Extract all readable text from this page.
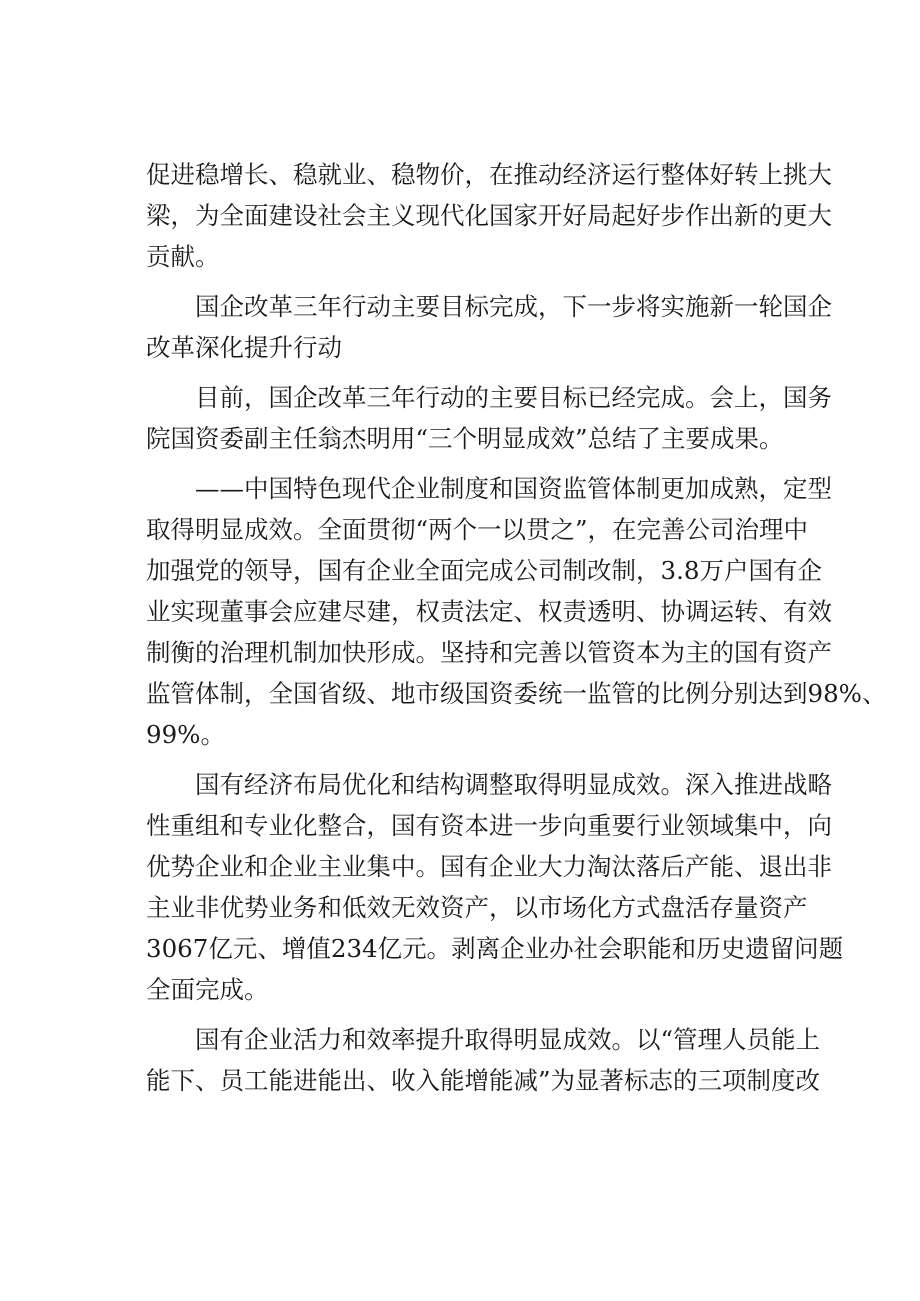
促进稳增长、稳就业、稳物价，在推动经济运行整体好转上挑大
梁，为全面建设社会主义现代化国家开好局起好步作出新的更大
贡献。
国企改革三年行动主要目标完成，下一步将实施新一轮国企
改革深化提升行动
目前，国企改革三年行动的主要目标已经完成。会上，国务
院国资委副主任翁杰明用“三个明显成效”总结了主要成果。
——中国特色现代企业制度和国资监管体制更加成熟，定型
取得明显成效。全面贯彻“两个一以贯之”，在完善公司治理中
加强党的领导，国有企业全面完成公司制改制，3.8万户国有企
业实现董事会应建尽建，权责法定、权责透明、协调运转、有效
制衡的治理机制加快形成。坚持和完善以管资本为主的国有资产
监管体制，全国省级、地市级国资委统一监管的比例分别达到98%、
99%。
国有经济布局优化和结构调整取得明显成效。深入推进战略
性重组和专业化整合，国有资本进一步向重要行业领域集中，向
优势企业和企业主业集中。国有企业大力淘汰落后产能、退出非
主业非优势业务和低效无效资产，以市场化方式盘活存量资产
3067亿元、增值234亿元。剥离企业办社会职能和历史遗留问题
全面完成。
国有企业活力和效率提升取得明显成效。以“管理人员能上
能下、员工能进能出、收入能增能减”为显著标志的三项制度改
